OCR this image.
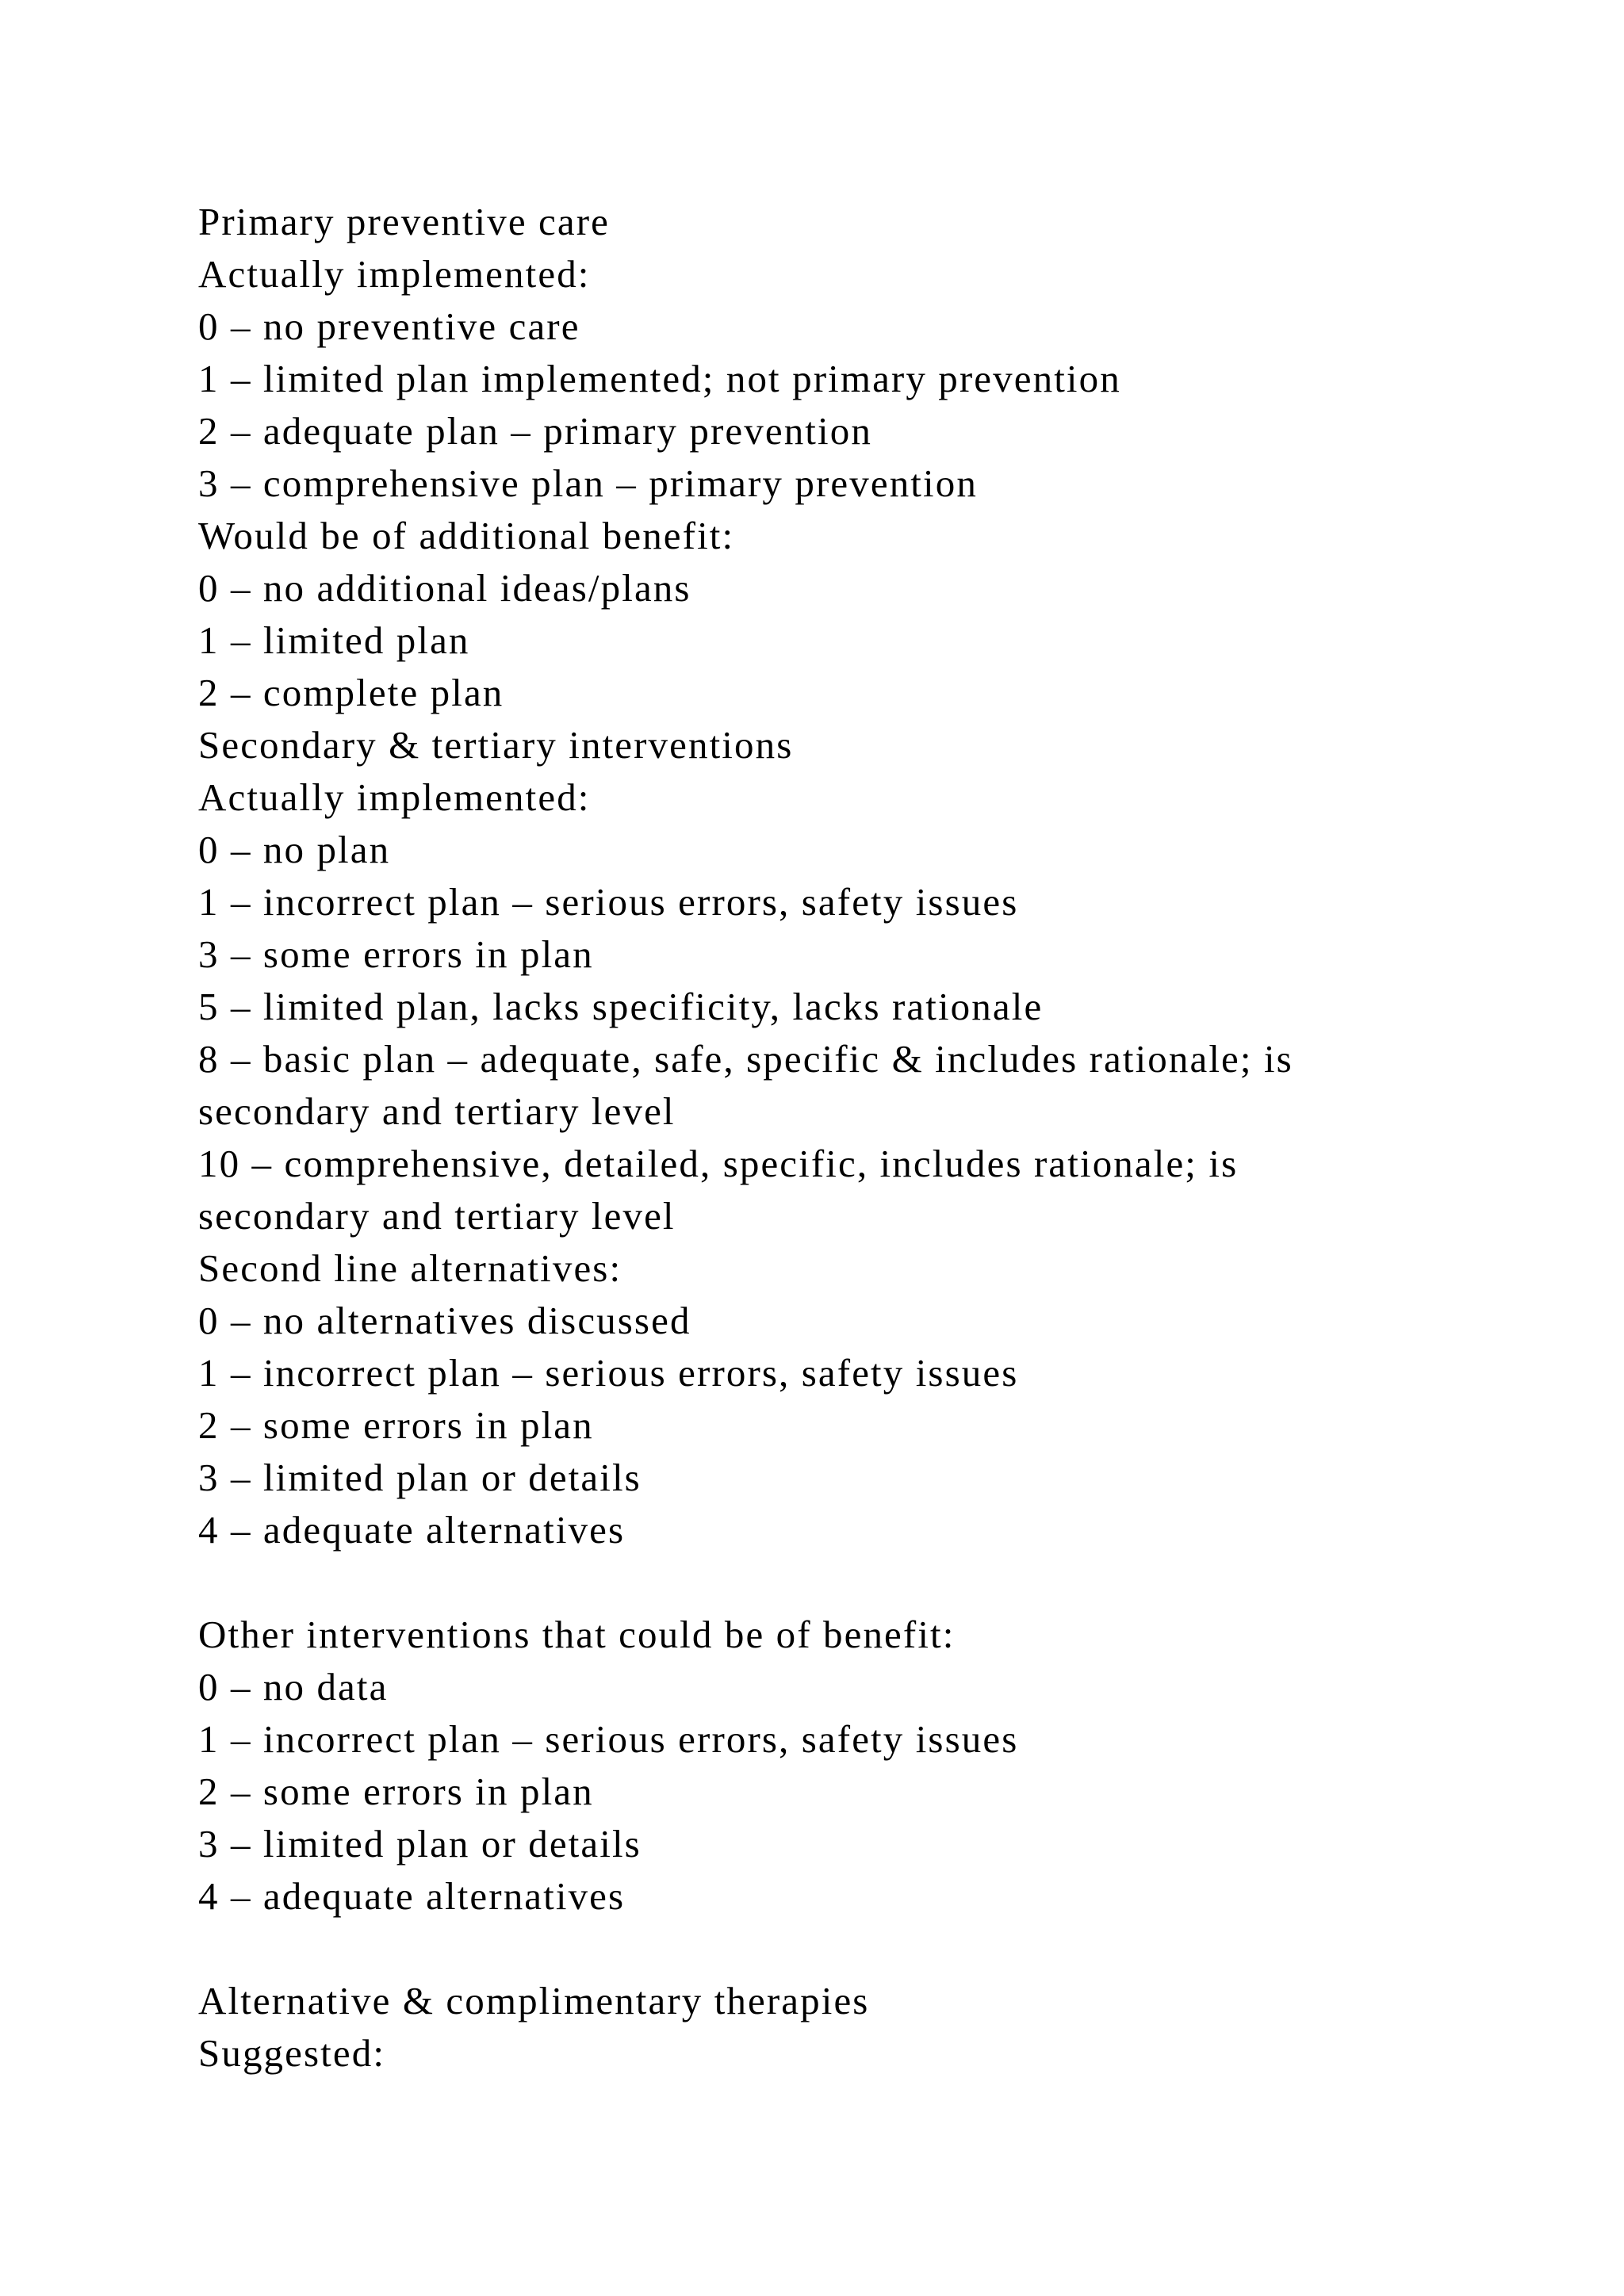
Primary preventive care
Actually implemented:
0 – no preventive care
1 – limited plan implemented; not primary prevention
2 – adequate plan – primary prevention
3 – comprehensive plan – primary prevention
Would be of additional benefit:
0 – no additional ideas/plans
1 – limited plan
2 – complete plan
Secondary & tertiary interventions
Actually implemented:
0 – no plan
1 – incorrect plan – serious errors, safety issues
3 – some errors in plan
5 – limited plan, lacks specificity, lacks rationale
8 – basic plan – adequate, safe, specific & includes rationale; is
secondary and tertiary level
10 – comprehensive, detailed, specific, includes rationale; is
secondary and tertiary level
Second line alternatives:
0 – no alternatives discussed
1 – incorrect plan – serious errors, safety issues
2 – some errors in plan
3 – limited plan or details
4 – adequate alternatives
Other interventions that could be of benefit:
0 – no data
1 – incorrect plan – serious errors, safety issues
2 – some errors in plan
3 – limited plan or details
4 – adequate alternatives
Alternative & complimentary therapies
Suggested:
